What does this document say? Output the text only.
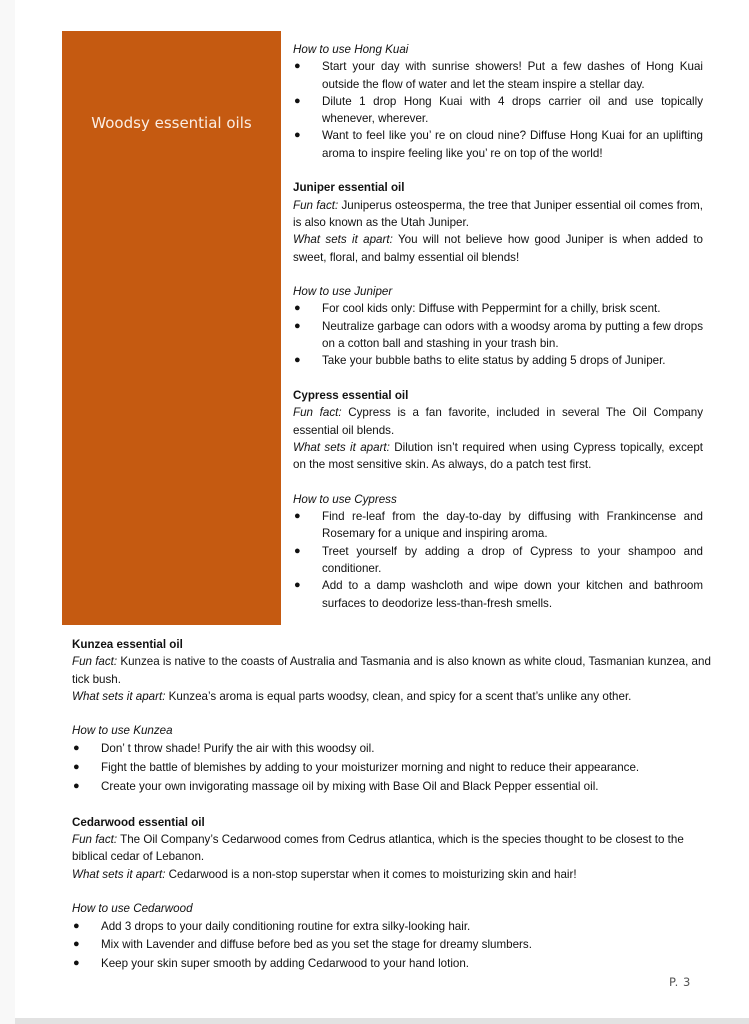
Woodsy essential oils

How to use Hong Kuai

● Start your day with sunrise showers! Put a few dashes of Hong Kuai outside the flow of water and let the steam inspire a stellar day.
● Dilute 1 drop Hong Kuai with 4 drops carrier oil and use topically whenever, wherever.
● Want to feel like you’ re on cloud nine? Diffuse Hong Kuai for an uplifting aroma to inspire feeling like you’ re on top of the world!

Juniper essential oil

Fun fact: Juniperus osteosperma, the tree that Juniper essential oil comes from, is also known as the Utah Juniper.

What sets it apart: You will not believe how good Juniper is when added to sweet, floral, and balmy essential oil blends!

How to use Juniper

● For cool kids only: Diffuse with Peppermint for a chilly, brisk scent.
● Neutralize garbage can odors with a woodsy aroma by putting a few drops on a cotton ball and stashing in your trash bin.
● Take your bubble baths to elite status by adding 5 drops of Juniper.

Cypress essential oil

Fun fact: Cypress is a fan favorite, included in several The Oil Company essential oil blends.

What sets it apart: Dilution isn’t required when using Cypress topically, except on the most sensitive skin. As always, do a patch test first.

How to use Cypress

● Find re-leaf from the day-to-day by diffusing with Frankincense and Rosemary for a unique and inspiring aroma.
● Treet yourself by adding a drop of Cypress to your shampoo and conditioner.
● Add to a damp washcloth and wipe down your kitchen and bathroom surfaces to deodorize less-than-fresh smells.

Kunzea essential oil

Fun fact: Kunzea is native to the coasts of Australia and Tasmania and is also known as white cloud, Tasmanian kunzea, and tick bush.

What sets it apart: Kunzea’s aroma is equal parts woodsy, clean, and spicy for a scent that’s unlike any other.

How to use Kunzea

● Don’ t throw shade! Purify the air with this woodsy oil.
● Fight the battle of blemishes by adding to your moisturizer morning and night to reduce their appearance.
● Create your own invigorating massage oil by mixing with Base Oil and Black Pepper essential oil.

Cedarwood essential oil

Fun fact: The Oil Company’s Cedarwood comes from Cedrus atlantica, which is the species thought to be closest to the biblical cedar of Lebanon.

What sets it apart: Cedarwood is a non-stop superstar when it comes to moisturizing skin and hair!

How to use Cedarwood

● Add 3 drops to your daily conditioning routine for extra silky-looking hair.
● Mix with Lavender and diffuse before bed as you set the stage for dreamy slumbers.
● Keep your skin super smooth by adding Cedarwood to your hand lotion.
P. 3
